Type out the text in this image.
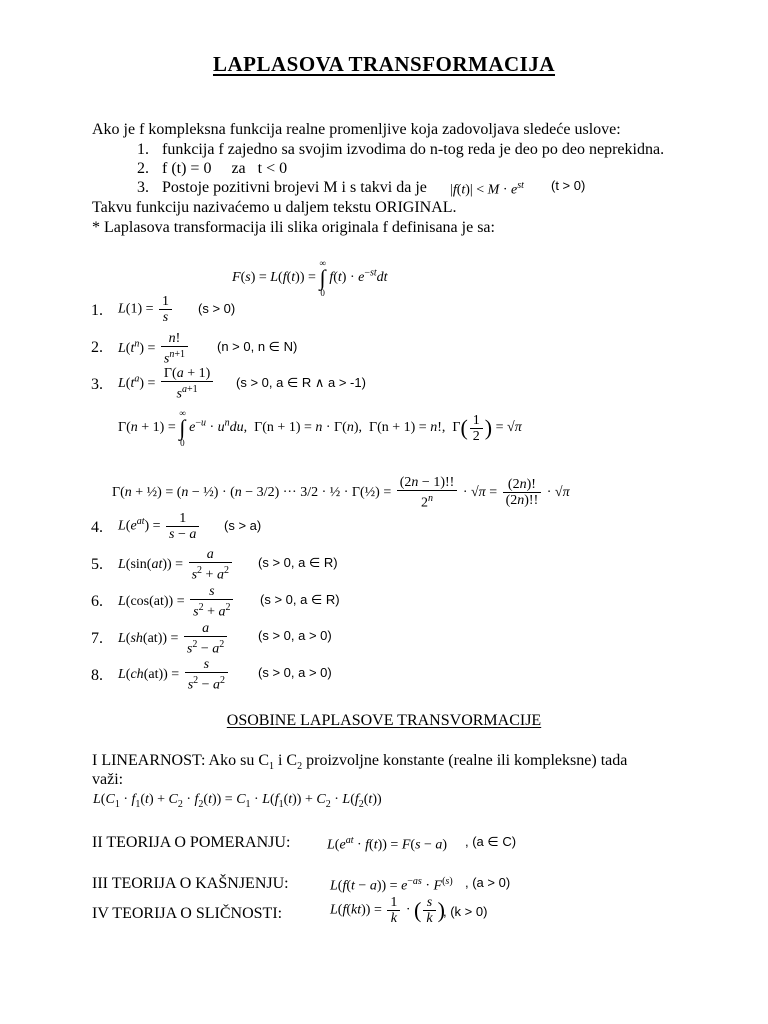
LAPLASOVA TRANSFORMACIJA
Ako je f kompleksna funkcija realne promenljive koja zadovoljava sledeće uslove:
1. funkcija f zajedno sa svojim izvodima do n-tog reda je deo po deo neprekidna.
2. f (t) = 0     za   t < 0
3. Postoje pozitivni brojevi M i s takvi da je $|f(t)| < M \cdot e^{st}$ (t > 0)
Takvu funkciju nazivaćemo u daljem tekstu ORIGINAL.
* Laplasova transformacija ili slika originala f definisana je sa:
F(s) = L(f(t)) =
∞
∫
0
$f(t) \cdot e^{-st}dt$
1. $L(1) = \frac{1}{s} (s > 0)$
2. $L(t^n) = \frac{n!}{s^{n+1}} (n > 0$, n ∈ N)
3. $L(t^a) = \frac{\Gamma(a + 1)}{s^{a+1}} (s > 0$, a ∈ R ∧ a > -1)
Γ(n + 1) =
∞
∫
0
$e^{-u} \cdot u^ndu$,  Γ(n + 1) = n · Γ(n),  Γ(n + 1) = n!,  $\Gamma( \frac{1}{2}$ ) = √π
Γ(n + ½) = (n − ½) · (n − 3/2) ··· 3/2 · ½ · Γ(½) = $\frac{(2n - 1)!!}{2^n} \cdot √\pi = \frac{(2n)!}{(2n)!!} \cdot √\pi$
4. $L(e^{at}) = \frac{1}{s - a} (s > a)$
5. $L(\sin(at)) = \frac{a}{s^2 + a^2} (s > 0$, a ∈ R)
6. $L(\cos(at)) = \frac{s}{s^2 + a^2} (s > 0$, a ∈ R)
7. $L(sh(at)) = \frac{a}{s^2 - a^2} (s > 0$, a > 0)
8. $L(ch(at)) = \frac{s}{s^2 - a^2} (s > 0$, a > 0)
OSOBINE LAPLASOVE TRANSVORMACIJE
I LINEARNOST: Ako su $C_1$ i $C_2$ proizvoljne konstante (realne ili kompleksne) tada
važi:
$L(C_1 \cdot f_1(t) + C_2 \cdot f_2(t)) = C_1 \cdot L(f_1(t)) + C_2 \cdot L(f_2(t))$
II TEORIJA O POMERANJU:	$L(e^{at} \cdot f(t)) = F(s - a)$ , (a ∈ C)
III TEORIJA O KAŠNJENJU:	$L(f(t - a)) = e^{-as} \cdot F^{(s)}$ , (a > 0)
IV TEORIJA O SLIČNOSTI:	$L(f(kt)) = \frac{1}{k}$ · ( $\frac{s}{k}$ )
, (k > 0)
